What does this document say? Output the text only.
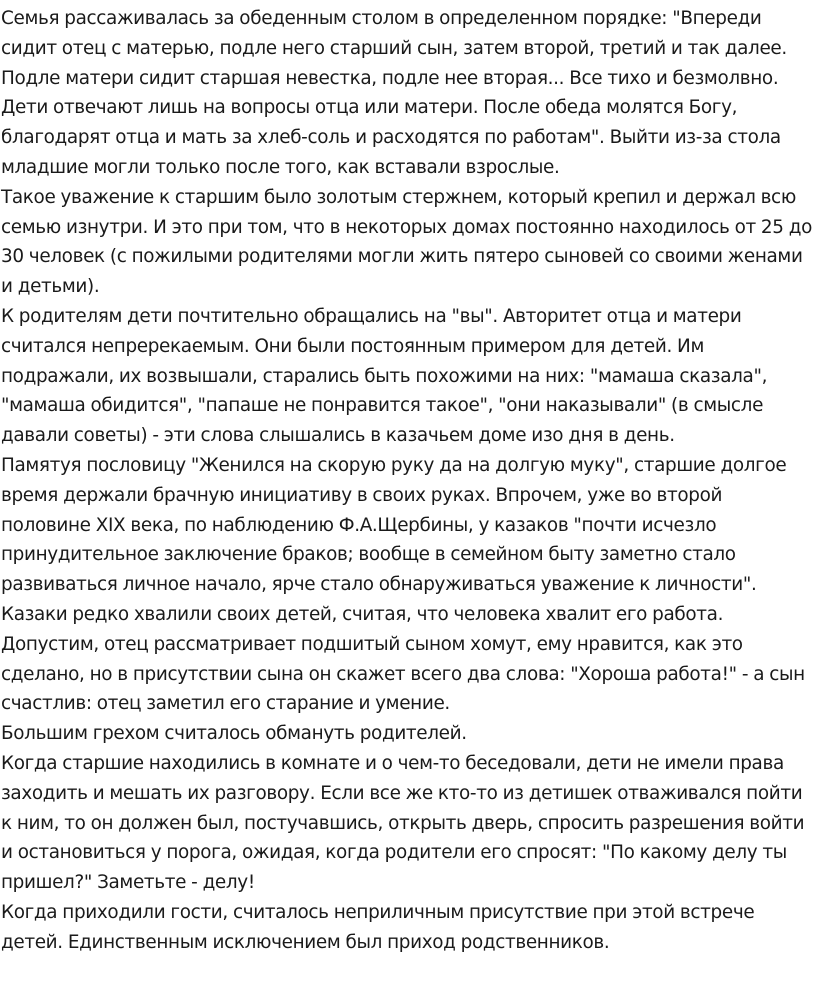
Семья рассаживалась за обеденным столом в определенном порядке: "Впереди сидит отец с матерью, подле него старший сын, затем второй, третий и так далее. Подле матери сидит старшая невестка, подле нее вторая... Все тихо и безмолвно. Дети отвечают лишь на вопросы отца или матери. После обеда молятся Богу, благодарят отца и мать за хлеб-соль и расходятся по работам". Выйти из-за стола младшие могли только после того, как вставали взрослые.

Такое уважение к старшим было золотым стержнем, который крепил и держал всю семью изнутри. И это при том, что в некоторых домах постоянно находилось от 25 до 30 человек (с пожилыми родителями могли жить пятеро сыновей со своими женами и детьми).

К родителям дети почтительно обращались на "вы". Авторитет отца и матери считался непререкаемым. Они были постоянным примером для детей. Им подражали, их возвышали, старались быть похожими на них: "мамаша сказала", "мамаша обидится", "папаше не понравится такое", "они наказывали" (в смысле давали советы) - эти слова слышались в казачьем доме изо дня в день.

Памятуя пословицу "Женился на скорую руку да на долгую муку", старшие долгое время держали брачную инициативу в своих руках. Впрочем, уже во второй половине XIX века, по наблюдению Ф.А.Щербины, у казаков "почти исчезло принудительное заключение браков; вообще в семейном быту заметно стало развиваться личное начало, ярче стало обнаруживаться уважение к личности".

Казаки редко хвалили своих детей, считая, что человека хвалит его работа. Допустим, отец рассматривает подшитый сыном хомут, ему нравится, как это сделано, но в присутствии сына он скажет всего два слова: "Хороша работа!" - а сын счастлив: отец заметил его старание и умение.

Большим грехом считалось обмануть родителей.

Когда старшие находились в комнате и о чем-то беседовали, дети не имели права заходить и мешать их разговору. Если все же кто-то из детишек отваживался пойти к ним, то он должен был, постучавшись, открыть дверь, спросить разрешения войти и остановиться у порога, ожидая, когда родители его спросят: "По какому делу ты пришел?" Заметьте - делу!

Когда приходили гости, считалось неприличным присутствие при этой встрече детей. Единственным исключением был приход родственников.
